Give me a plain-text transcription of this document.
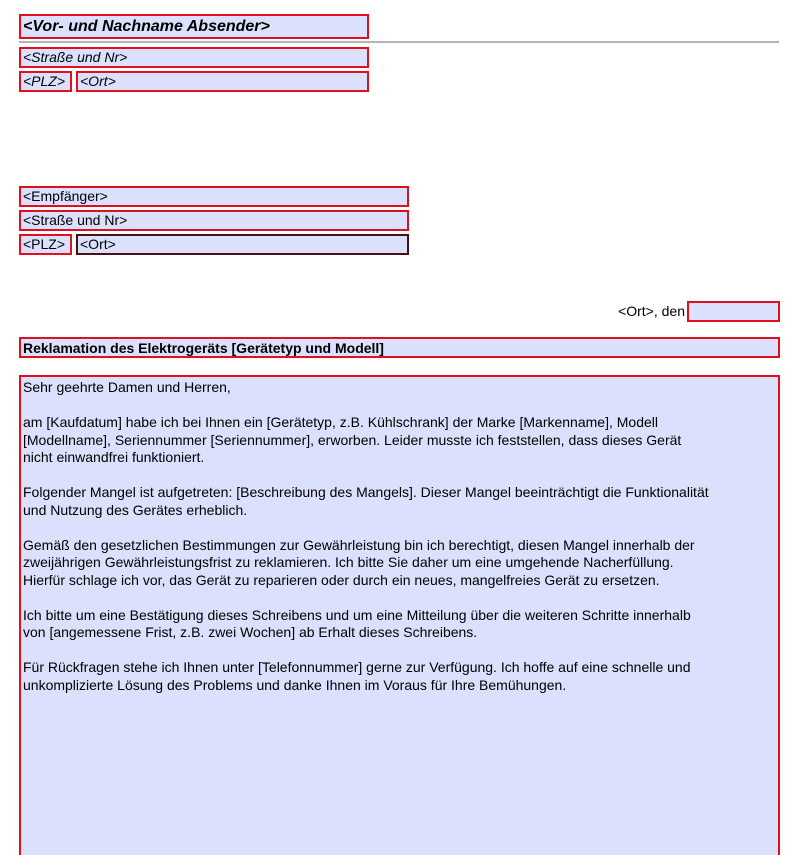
<Vor- und Nachname Absender>
<Straße und Nr>
<PLZ>	<Ort>
<Empfänger>
<Straße und Nr>
<PLZ>	<Ort>
<Ort>, den
Reklamation des Elektrogeräts [Gerätetyp und Modell]

Sehr geehrte Damen und Herren,

am [Kaufdatum] habe ich bei Ihnen ein [Gerätetyp, z.B. Kühlschrank] der Marke [Markenname], Modell
[Modellname], Seriennummer [Seriennummer], erworben. Leider musste ich feststellen, dass dieses Gerät
nicht einwandfrei funktioniert.

Folgender Mangel ist aufgetreten: [Beschreibung des Mangels]. Dieser Mangel beeinträchtigt die Funktionalität
und Nutzung des Gerätes erheblich.

Gemäß den gesetzlichen Bestimmungen zur Gewährleistung bin ich berechtigt, diesen Mangel innerhalb der
zweijährigen Gewährleistungsfrist zu reklamieren. Ich bitte Sie daher um eine umgehende Nacherfüllung.
Hierfür schlage ich vor, das Gerät zu reparieren oder durch ein neues, mangelfreies Gerät zu ersetzen.

Ich bitte um eine Bestätigung dieses Schreibens und um eine Mitteilung über die weiteren Schritte innerhalb
von [angemessene Frist, z.B. zwei Wochen] ab Erhalt dieses Schreibens.

Für Rückfragen stehe ich Ihnen unter [Telefonnummer] gerne zur Verfügung. Ich hoffe auf eine schnelle und
unkomplizierte Lösung des Problems und danke Ihnen im Voraus für Ihre Bemühungen.
